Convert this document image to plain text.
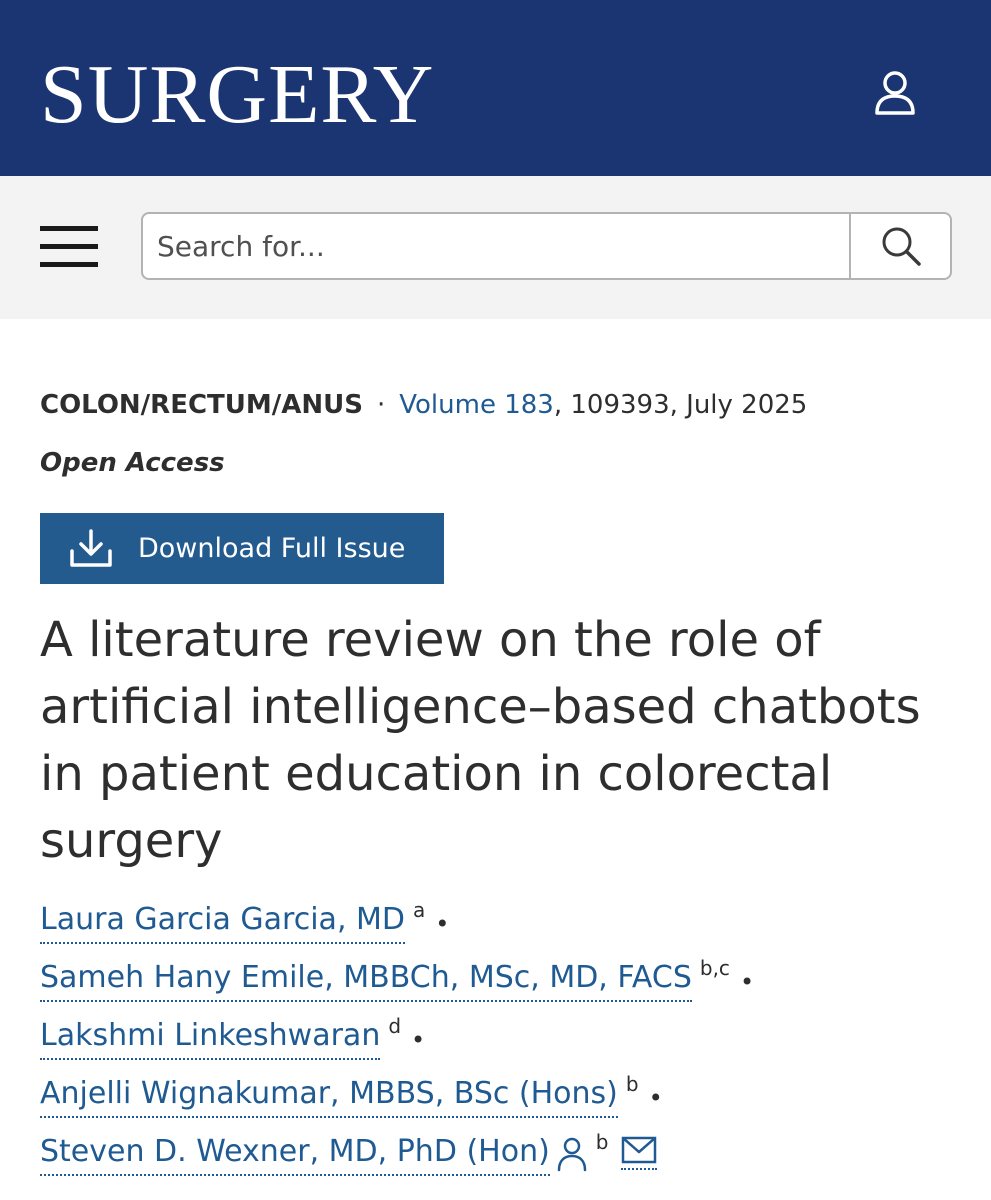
SURGERY
Search for...
COLON/RECTUM/ANUS · Volume 183, 109393, July 2025
Open Access
Download Full Issue
A literature review on the role of artificial intelligence–based chatbots in patient education in colorectal surgery
Laura Garcia Garcia, MD a •
Sameh Hany Emile, MBBCh, MSc, MD, FACS b,c •
Lakshmi Linkeshwaran d •
Anjelli Wignakumar, MBBS, BSc (Hons) b •
Steven D. Wexner, MD, PhD (Hon) b
